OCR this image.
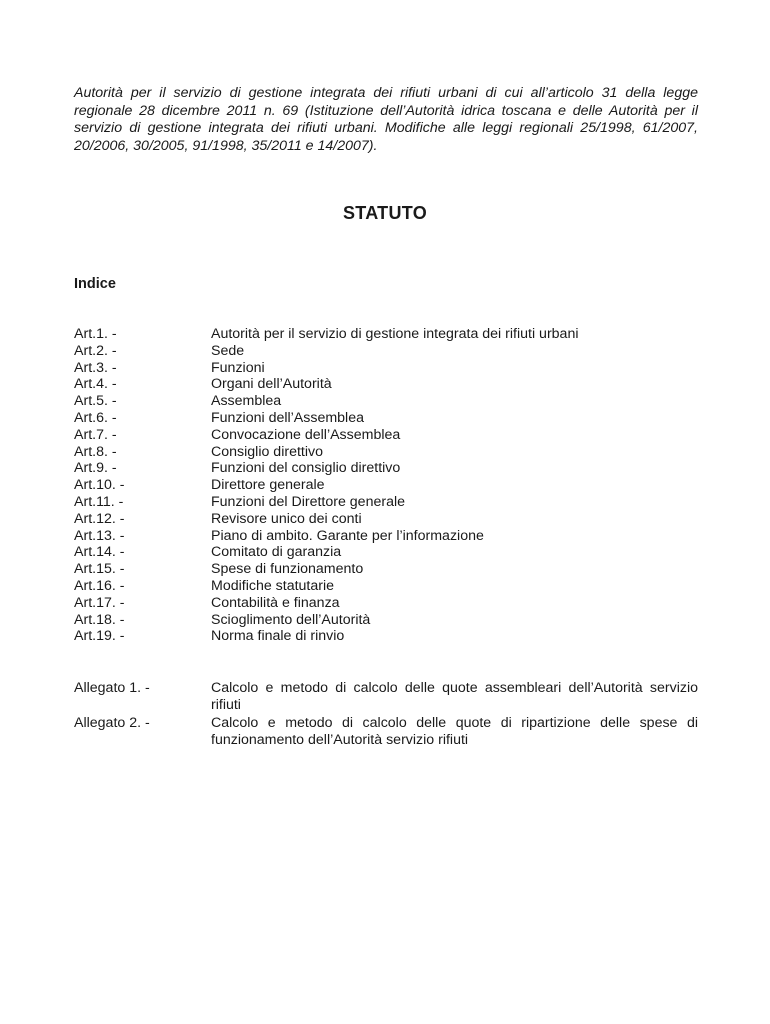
Autorità per il servizio di gestione integrata dei rifiuti urbani di cui all’articolo 31 della legge regionale 28 dicembre 2011 n. 69 (Istituzione dell’Autorità idrica toscana e delle Autorità per il servizio di gestione integrata dei rifiuti urbani. Modifiche alle leggi regionali 25/1998, 61/2007, 20/2006, 30/2005, 91/1998, 35/2011 e 14/2007).

STATUTO
Indice
Art.1. -	Autorità per il servizio di gestione integrata dei rifiuti urbani
Art.2. -	Sede
Art.3. -	Funzioni
Art.4. -	Organi dell’Autorità
Art.5. -	Assemblea
Art.6. -	Funzioni dell’Assemblea
Art.7. -	Convocazione dell’Assemblea
Art.8. -	Consiglio direttivo
Art.9. -	Funzioni del consiglio direttivo
Art.10. -	Direttore generale
Art.11. -	Funzioni del Direttore generale
Art.12. -	Revisore unico dei conti
Art.13. -	Piano di ambito. Garante per l’informazione
Art.14. -	Comitato di garanzia
Art.15. -	Spese di funzionamento
Art.16. -	Modifiche statutarie
Art.17. -	Contabilità e finanza
Art.18. -	Scioglimento dell’Autorità
Art.19. -	Norma finale di rinvio
Allegato 1. -	Calcolo e metodo di calcolo delle quote assembleari dell’Autorità servizio rifiuti
Allegato 2. -	Calcolo e metodo di calcolo delle quote di ripartizione delle spese di funzionamento dell’Autorità servizio rifiuti
